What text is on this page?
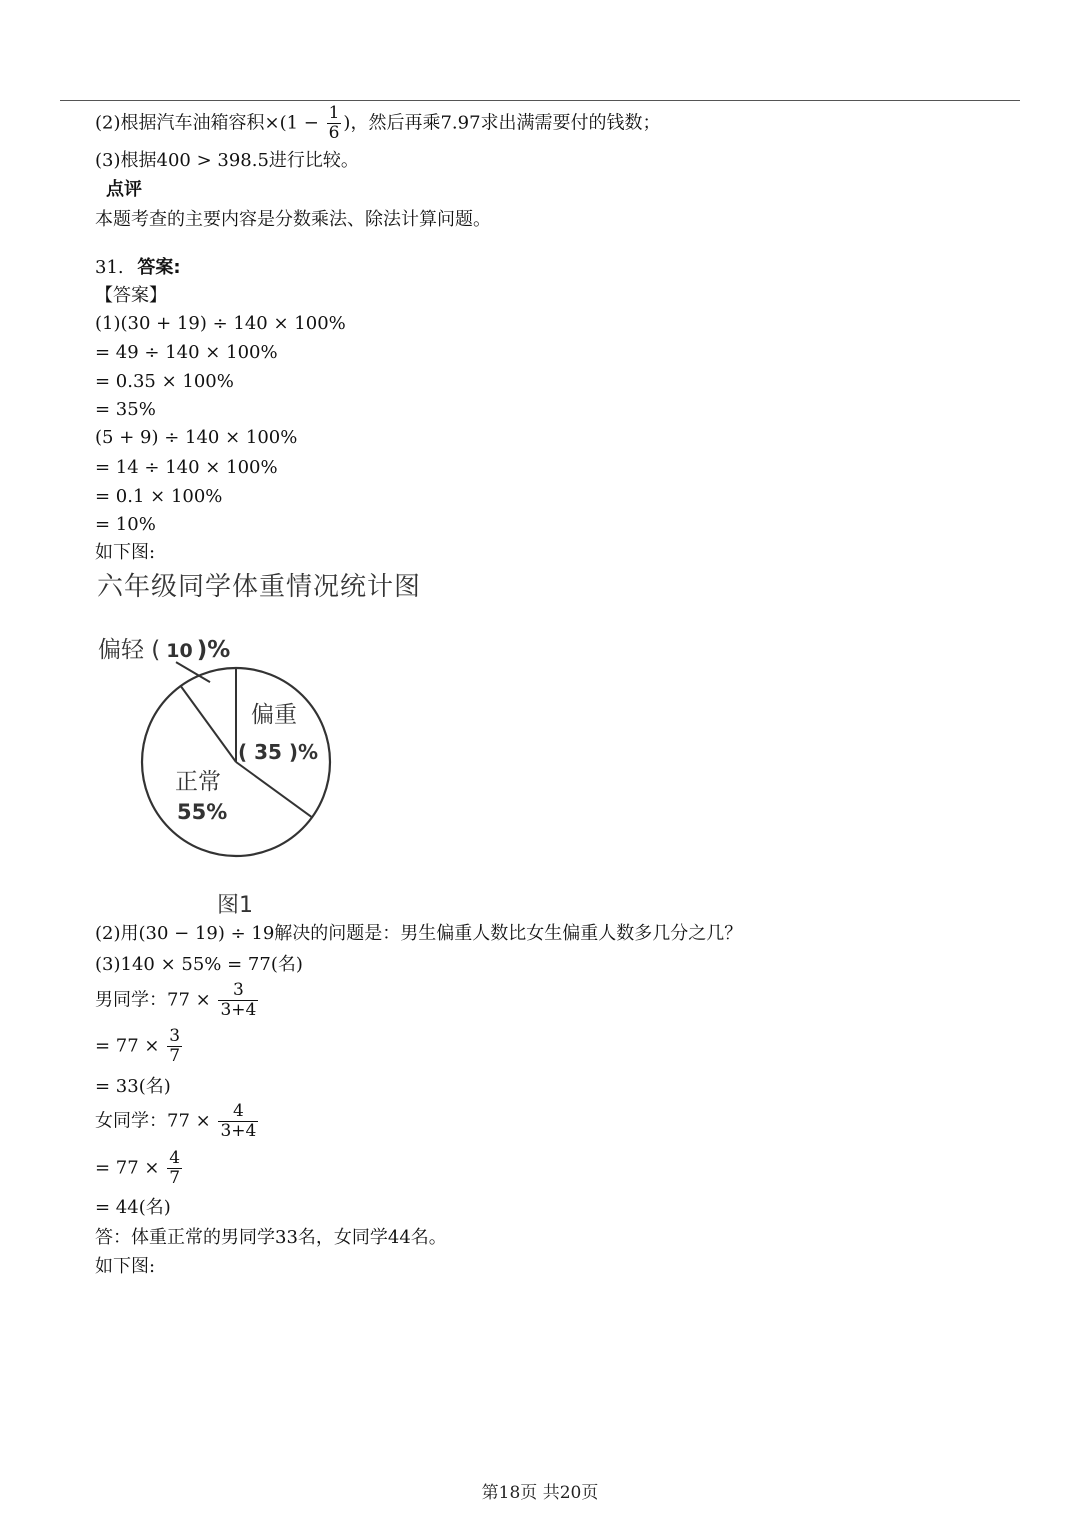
(2)根据汽车油箱容积$\times(1 - \frac{1}{6}$ )，然后再乘7.97求出满需要付的钱数；
(3)根据400 > 398.5进行比较。
点评
本题考查的主要内容是分数乘法、除法计算问题。
31. 答案:
【答案】
(1)(30 + 19) ÷ 140 × 100%
= 49 ÷ 140 × 100%
= 0.35 × 100%
= 35%
(5 + 9) ÷ 140 × 100%
= 14 ÷ 140 × 100%
= 0.1 × 100%
= 10%
如下图:
六年级同学体重情况统计图
偏轻 ( 10 )%
偏重
( 35 )%
正常
55%
图1
(2)用(30 − 19) ÷ 19解决的问题是：男生偏重人数比女生偏重人数多几分之几？
(3)140 × 55% = 77(名)
男同学：$77 \times \frac{3}{3+4}$
= $77 \times \frac{3}{7}$
= 33(名)
女同学：$77 \times \frac{4}{3+4}$
= $77 \times \frac{4}{7}$
= 44(名)
答：体重正常的男同学33名，女同学44名。
如下图:
第18页 共20页
